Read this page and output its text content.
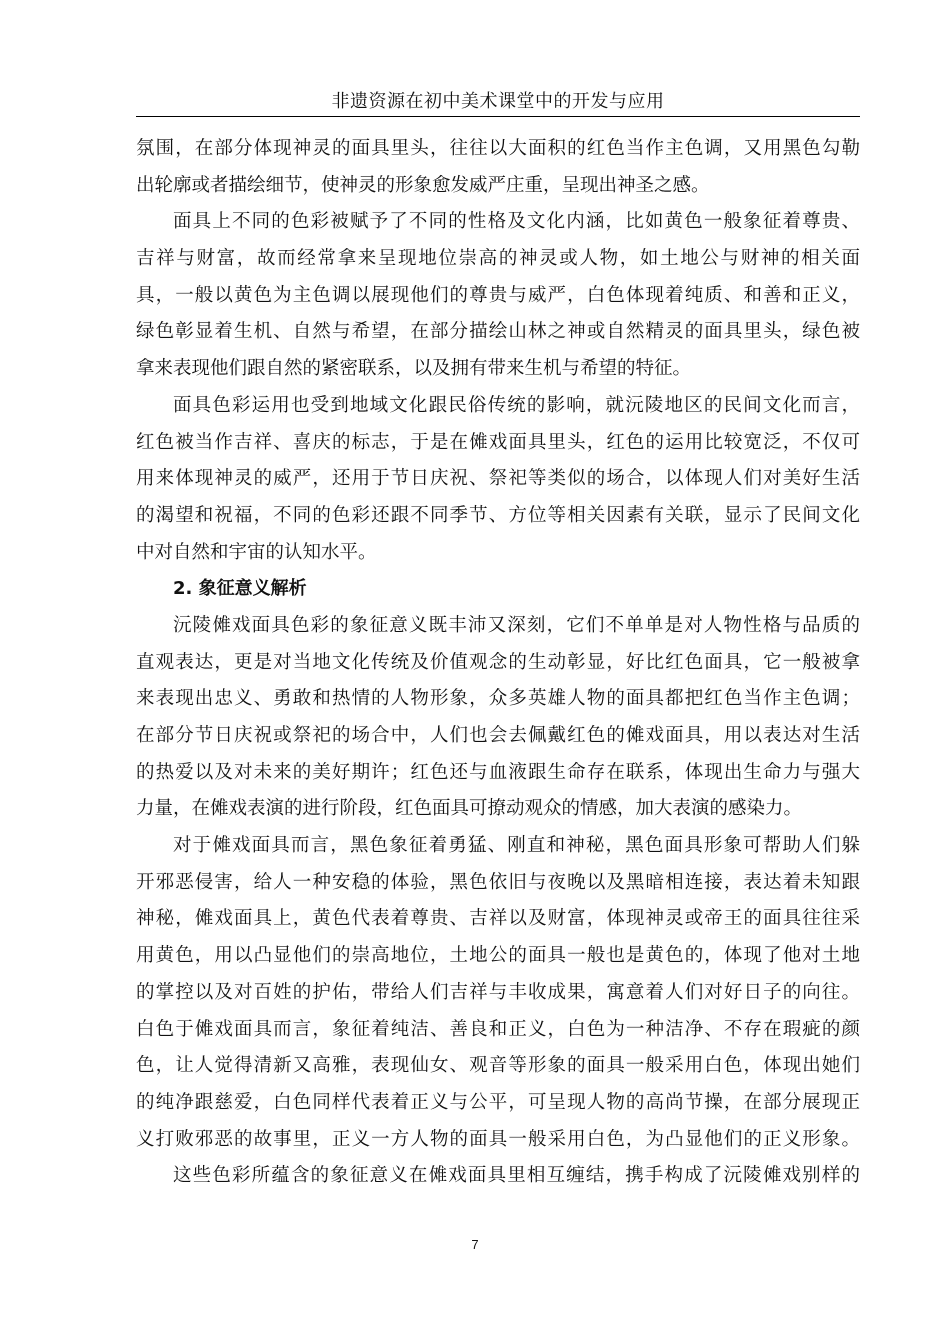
非遗资源在初中美术课堂中的开发与应用
氛围，在部分体现神灵的面具里头，往往以大面积的红色当作主色调，又用黑色勾勒
出轮廓或者描绘细节，使神灵的形象愈发威严庄重，呈现出神圣之感。
面具上不同的色彩被赋予了不同的性格及文化内涵，比如黄色一般象征着尊贵、
吉祥与财富，故而经常拿来呈现地位崇高的神灵或人物，如土地公与财神的相关面
具，一般以黄色为主色调以展现他们的尊贵与威严，白色体现着纯质、和善和正义，
绿色彰显着生机、自然与希望，在部分描绘山林之神或自然精灵的面具里头，绿色被
拿来表现他们跟自然的紧密联系，以及拥有带来生机与希望的特征。
面具色彩运用也受到地域文化跟民俗传统的影响，就沅陵地区的民间文化而言，
红色被当作吉祥、喜庆的标志，于是在傩戏面具里头，红色的运用比较宽泛，不仅可
用来体现神灵的威严，还用于节日庆祝、祭祀等类似的场合，以体现人们对美好生活
的渴望和祝福，不同的色彩还跟不同季节、方位等相关因素有关联，显示了民间文化
中对自然和宇宙的认知水平。
2. 象征意义解析
沅陵傩戏面具色彩的象征意义既丰沛又深刻，它们不单单是对人物性格与品质的
直观表达，更是对当地文化传统及价值观念的生动彰显，好比红色面具，它一般被拿
来表现出忠义、勇敢和热情的人物形象，众多英雄人物的面具都把红色当作主色调；
在部分节日庆祝或祭祀的场合中，人们也会去佩戴红色的傩戏面具，用以表达对生活
的热爱以及对未来的美好期许；红色还与血液跟生命存在联系，体现出生命力与强大
力量，在傩戏表演的进行阶段，红色面具可撩动观众的情感，加大表演的感染力。
对于傩戏面具而言，黑色象征着勇猛、刚直和神秘，黑色面具形象可帮助人们躲
开邪恶侵害，给人一种安稳的体验，黑色依旧与夜晚以及黑暗相连接，表达着未知跟
神秘，傩戏面具上，黄色代表着尊贵、吉祥以及财富，体现神灵或帝王的面具往往采
用黄色，用以凸显他们的崇高地位，土地公的面具一般也是黄色的，体现了他对土地
的掌控以及对百姓的护佑，带给人们吉祥与丰收成果，寓意着人们对好日子的向往。
白色于傩戏面具而言，象征着纯洁、善良和正义，白色为一种洁净、不存在瑕疵的颜
色，让人觉得清新又高雅，表现仙女、观音等形象的面具一般采用白色，体现出她们
的纯净跟慈爱，白色同样代表着正义与公平，可呈现人物的高尚节操，在部分展现正
义打败邪恶的故事里，正义一方人物的面具一般采用白色，为凸显他们的正义形象。
这些色彩所蕴含的象征意义在傩戏面具里相互缠结，携手构成了沅陵傩戏别样的
7
